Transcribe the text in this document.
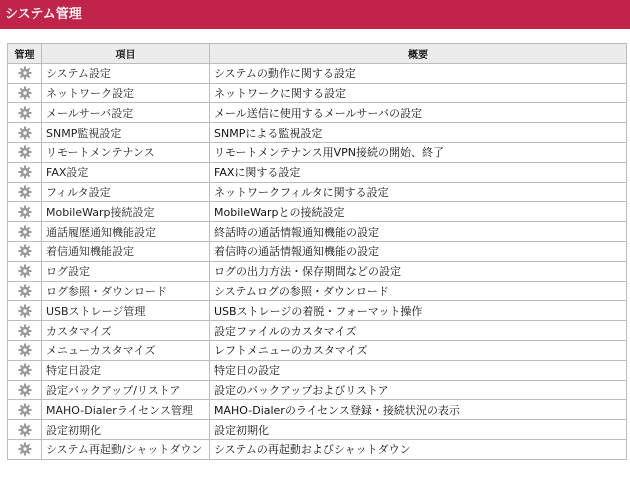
システム管理
管理	項目	概要

	システム設定	システムの動作に関する設定

	ネットワーク設定	ネットワークに関する設定

	メールサーバ設定	メール送信に使用するメールサーバの設定

	SNMP監視設定	SNMPによる監視設定

	リモートメンテナンス	リモートメンテナンス用VPN接続の開始、終了

	FAX設定	FAXに関する設定

	フィルタ設定	ネットワークフィルタに関する設定

	MobileWarp接続設定	MobileWarpとの接続設定

	通話履歴通知機能設定	終話時の通話情報通知機能の設定

	着信通知機能設定	着信時の通話情報通知機能の設定

	ログ設定	ログの出力方法・保存期間などの設定

	ログ参照・ダウンロード	システムログの参照・ダウンロード

	USBストレージ管理	USBストレージの着脱・フォーマット操作

	カスタマイズ	設定ファイルのカスタマイズ

	メニューカスタマイズ	レフトメニューのカスタマイズ

	特定日設定	特定日の設定

	設定バックアップ/リストア	設定のバックアップおよびリストア

	MAHO-Dialerライセンス管理	MAHO-Dialerのライセンス登録・接続状況の表示

	設定初期化	設定初期化

	システム再起動/シャットダウン	システムの再起動およびシャットダウン
